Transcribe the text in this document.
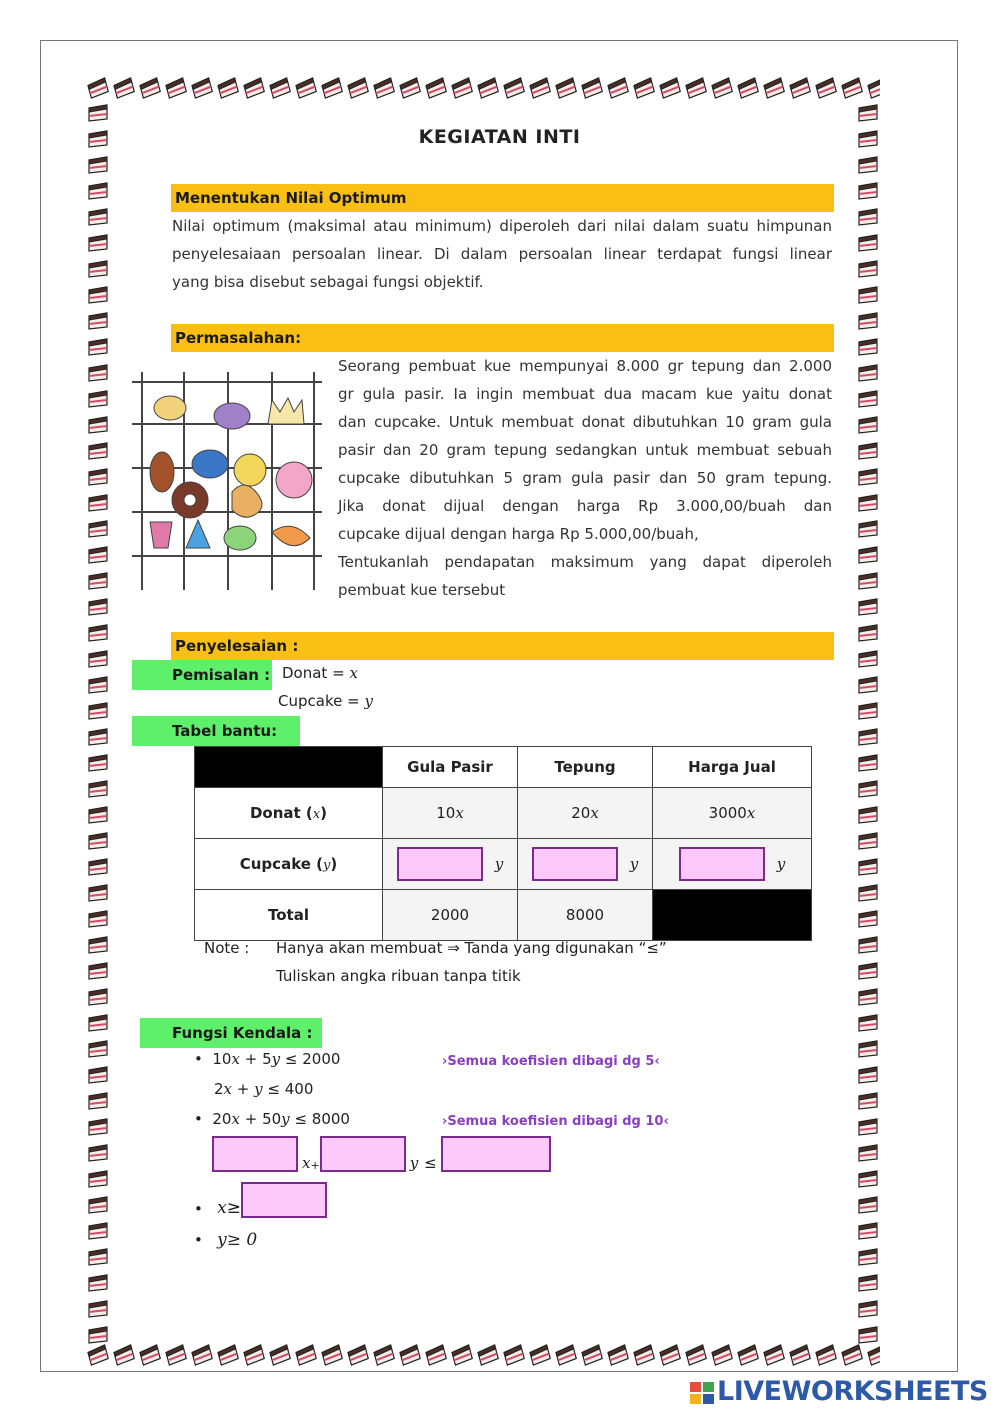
KEGIATAN INTI
Menentukan Nilai Optimum
Nilai optimum (maksimal atau minimum) diperoleh dari nilai dalam suatu himpunan
penyelesaiaan persoalan linear. Di dalam persoalan linear terdapat fungsi linear
yang bisa disebut sebagai fungsi objektif.
Permasalahan:
Seorang pembuat kue mempunyai 8.000 gr tepung dan 2.000
gr gula pasir. Ia ingin membuat dua macam kue yaitu donat
dan cupcake. Untuk membuat donat dibutuhkan 10 gram gula
pasir dan 20 gram tepung sedangkan untuk membuat sebuah
cupcake dibutuhkan 5 gram gula pasir dan 50 gram tepung.
Jika donat dijual dengan harga Rp 3.000,00/buah dan
cupcake dijual dengan harga Rp 5.000,00/buah,
Tentukanlah pendapatan maksimum yang dapat diperoleh
pembuat kue tersebut
Penyelesaian :
Pemisalan : Donat = x
Cupcake = y
Tabel bantu:
	Gula Pasir	Tepung	Harga Jual
Donat (x)	10x	20x	3000x
Cupcake (y)	y	y	y
Total	2000	8000	
Note : Hanya akan membuat ⇒ Tanda yang digunakan “≤”
Tuliskan angka ribuan tanpa titik
Fungsi Kendala :
•  10x + 5y ≤ 2000	›Semua koefisien dibagi dg 5‹
2x + y ≤ 400
•  20x + 50y ≤ 8000	›Semua koefisien dibagi dg 10‹
x +	y ≤
• x ≥
•   y≥ 0
LIVEWORKSHEETS
